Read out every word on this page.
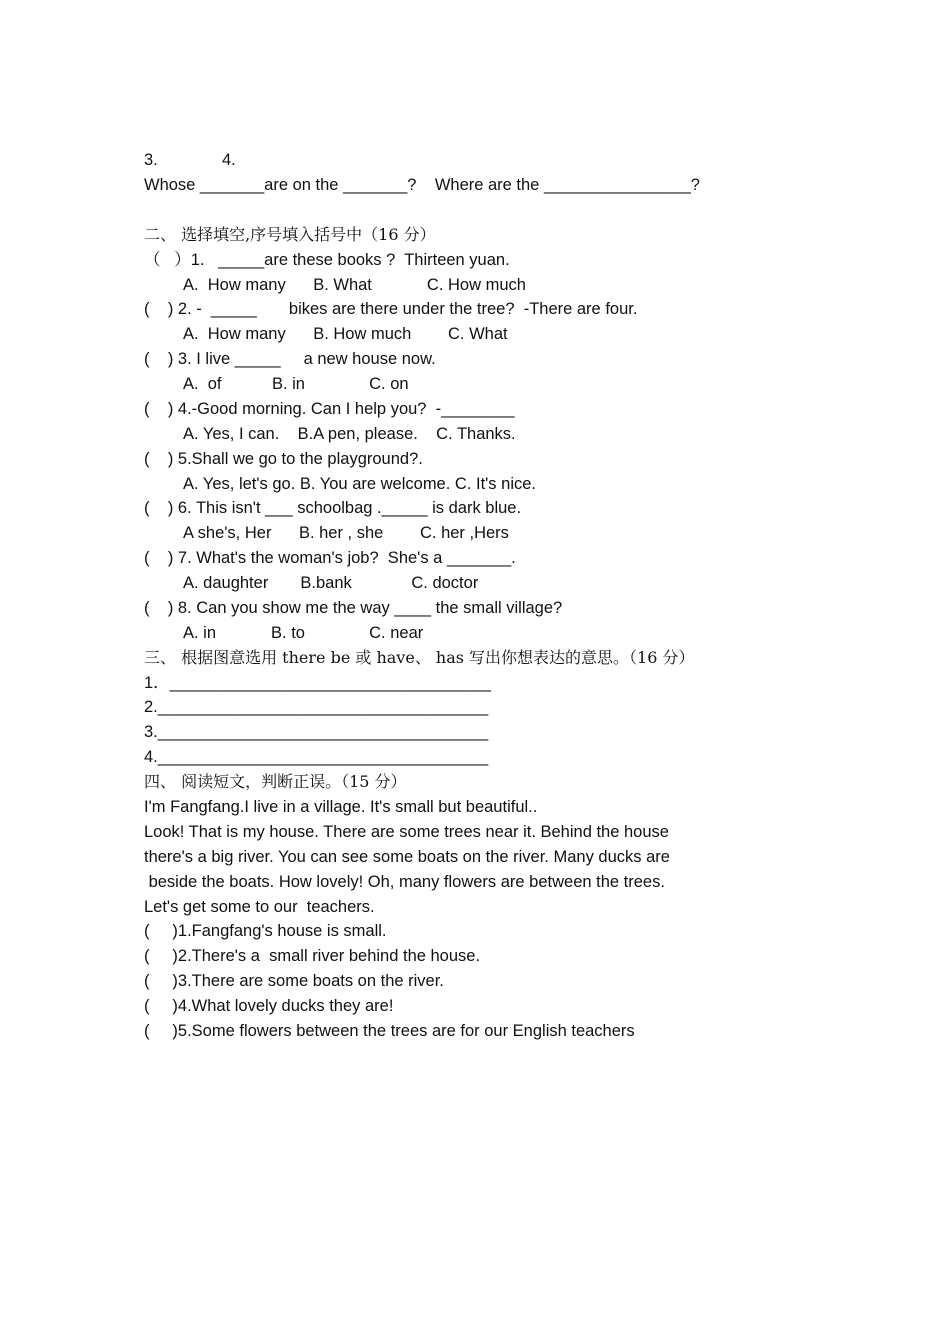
3.              4.
Whose _______are on the _______?    Where are the ________________?
二、 选择填空,序号填入括号中（16 分）
（   ）1.   _____are these books ?  Thirteen yuan.
A.  How many      B. What            C. How much
(    ) 2. -  _____       bikes are there under the tree?  -There are four.
A.  How many      B. How much        C. What
(    ) 3. I live _____     a new house now.
A.  of           B. in              C. on
(    ) 4.-Good morning. Can I help you?  -________
A. Yes, I can.    B.A pen, please.    C. Thanks.
(    ) 5.Shall we go to the playground?.
A. Yes, let's go. B. You are welcome. C. It's nice.
(    ) 6. This isn't ___ schoolbag ._____ is dark blue.
A she's, Her      B. her , she        C. her ,Hers
(    ) 7. What's the woman's job?  She's a _______.
A. daughter       B.bank             C. doctor
(    ) 8. Can you show me the way ____ the small village?
A. in            B. to              C. near
三、 根据图意选用 there be 或 have、 has 写出你想表达的意思。（16 分）
1．___________________________________
2.____________________________________
3.____________________________________
4.____________________________________
四、 阅读短文，判断正误。（15 分）
I'm Fangfang.I live in a village. It's small but beautiful..
Look! That is my house. There are some trees near it. Behind the house
there's a big river. You can see some boats on the river. Many ducks are
beside the boats. How lovely! Oh, many flowers are between the trees.
Let's get some to our  teachers.
(     )1.Fangfang's house is small.
(     )2.There's a  small river behind the house.
(     )3.There are some boats on the river.
(     )4.What lovely ducks they are!
(     )5.Some flowers between the trees are for our English teachers
